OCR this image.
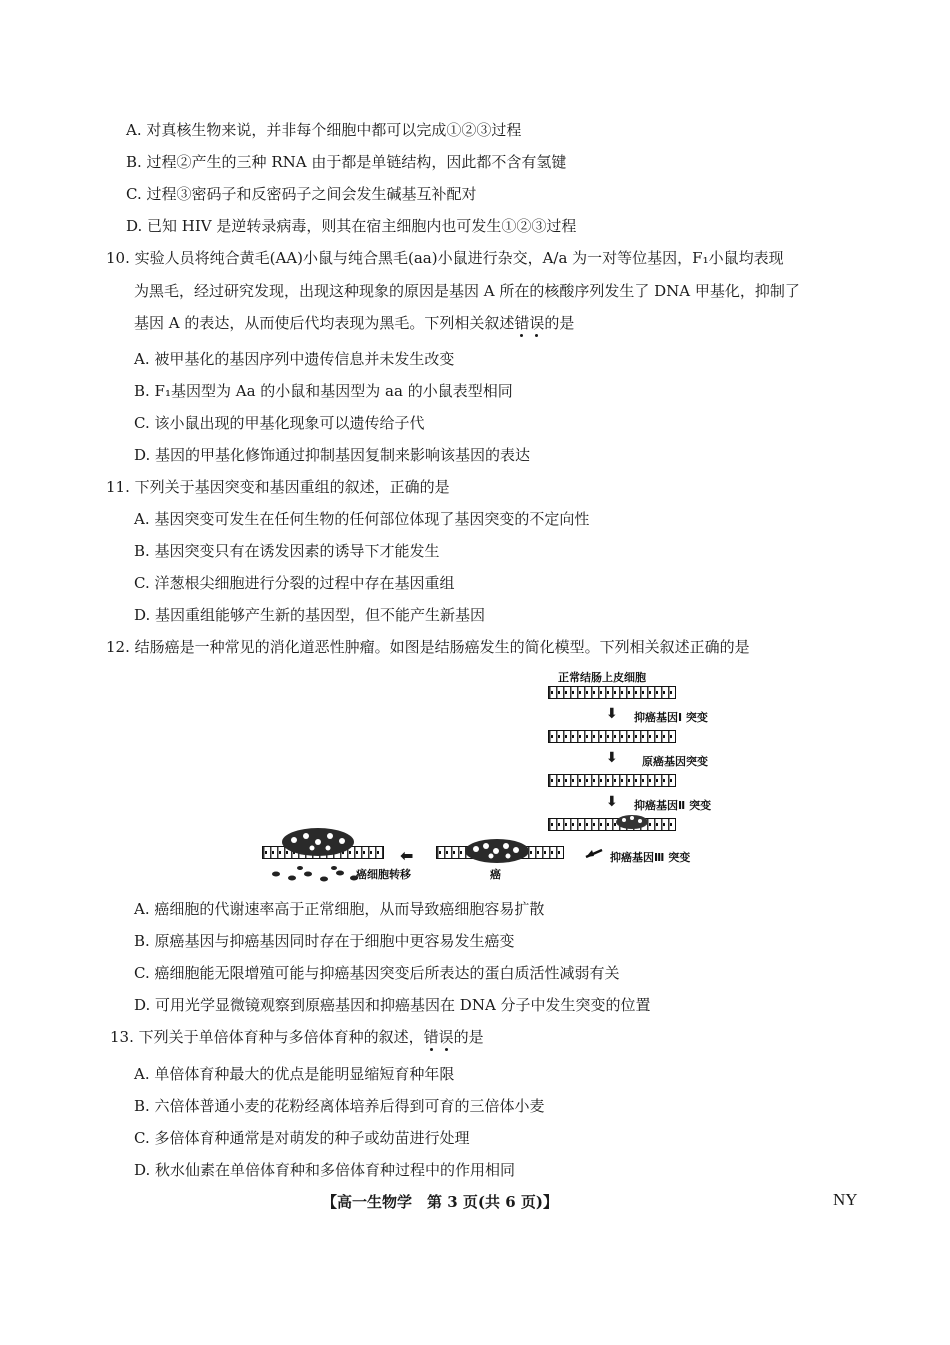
A. 对真核生物来说，并非每个细胞中都可以完成①②③过程
B. 过程②产生的三种 RNA 由于都是单链结构，因此都不含有氢键
C. 过程③密码子和反密码子之间会发生碱基互补配对
D. 已知 HIV 是逆转录病毒，则其在宿主细胞内也可发生①②③过程
10. 实验人员将纯合黄毛(AA)小鼠与纯合黑毛(aa)小鼠进行杂交，A/a 为一对等位基因，F₁小鼠均表现
为黑毛，经过研究发现，出现这种现象的原因是基因 A 所在的核酸序列发生了 DNA 甲基化，抑制了
基因 A 的表达，从而使后代均表现为黑毛。下列相关叙述错误的是
A. 被甲基化的基因序列中遗传信息并未发生改变
B. F₁基因型为 Aa 的小鼠和基因型为 aa 的小鼠表型相同
C. 该小鼠出现的甲基化现象可以遗传给子代
D. 基因的甲基化修饰通过抑制基因复制来影响该基因的表达
11. 下列关于基因突变和基因重组的叙述，正确的是
A. 基因突变可发生在任何生物的任何部位体现了基因突变的不定向性
B. 基因突变只有在诱发因素的诱导下才能发生
C. 洋葱根尖细胞进行分裂的过程中存在基因重组
D. 基因重组能够产生新的基因型，但不能产生新基因
12. 结肠癌是一种常见的消化道恶性肿瘤。如图是结肠癌发生的简化模型。下列相关叙述正确的是
正常结肠上皮细胞
⬇ 抑癌基因Ⅰ 突变
⬇ 原癌基因突变
⬇ 抑癌基因Ⅱ 突变
抑癌基因Ⅲ 突变
癌
⬅
癌细胞转移
A. 癌细胞的代谢速率高于正常细胞，从而导致癌细胞容易扩散
B. 原癌基因与抑癌基因同时存在于细胞中更容易发生癌变
C. 癌细胞能无限增殖可能与抑癌基因突变后所表达的蛋白质活性减弱有关
D. 可用光学显微镜观察到原癌基因和抑癌基因在 DNA 分子中发生突变的位置
13. 下列关于单倍体育种与多倍体育种的叙述，错误的是
A. 单倍体育种最大的优点是能明显缩短育种年限
B. 六倍体普通小麦的花粉经离体培养后得到可育的三倍体小麦
C. 多倍体育种通常是对萌发的种子或幼苗进行处理
D. 秋水仙素在单倍体育种和多倍体育种过程中的作用相同
【高一生物学　第 3 页(共 6 页)】	NY
